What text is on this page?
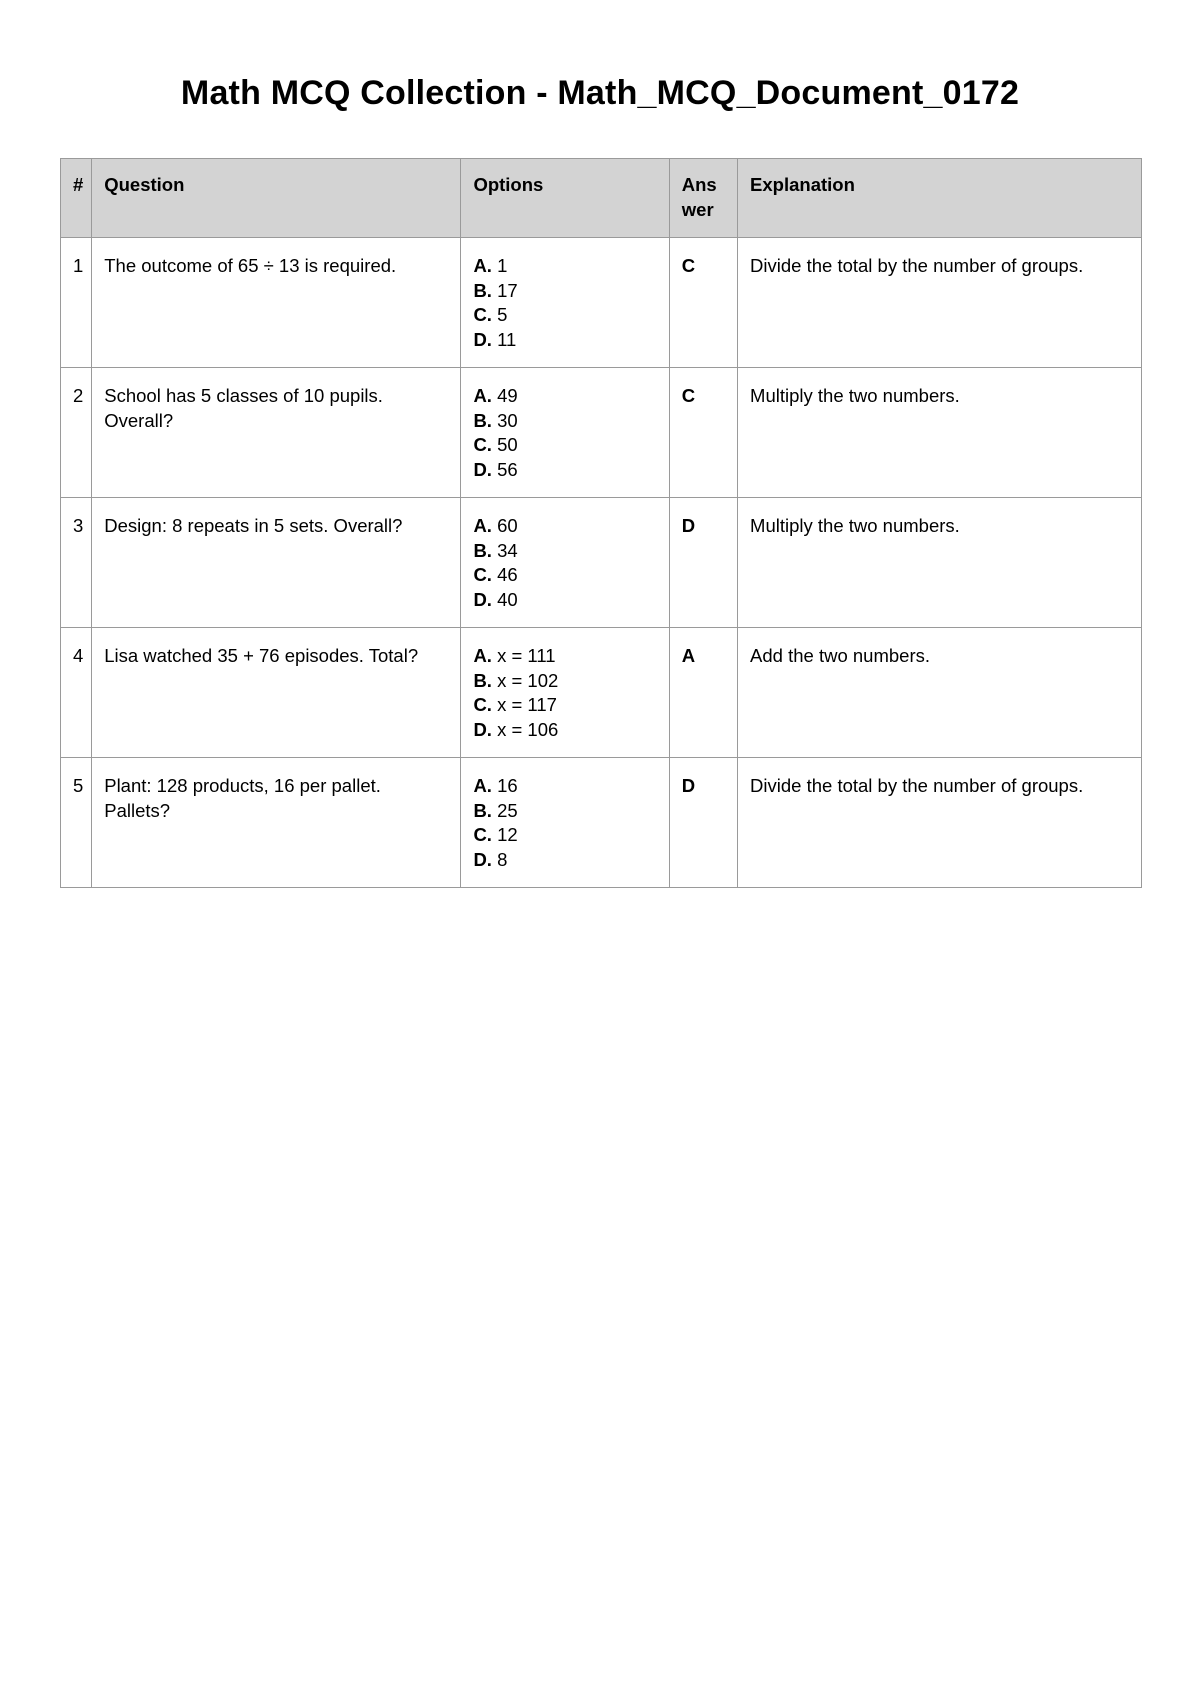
Math MCQ Collection - Math_MCQ_Document_0172
#	Question	Options	Answer	Explanation
1	The outcome of 65 ÷ 13 is required.	A. 1
B. 17
C. 5
D. 11	C	Divide the total by the number of groups.
2	School has 5 classes of 10 pupils. Overall?	A. 49
B. 30
C. 50
D. 56	C	Multiply the two numbers.
3	Design: 8 repeats in 5 sets. Overall?	A. 60
B. 34
C. 46
D. 40	D	Multiply the two numbers.
4	Lisa watched 35 + 76 episodes. Total?	A. x = 111
B. x = 102
C. x = 117
D. x = 106	A	Add the two numbers.
5	Plant: 128 products, 16 per pallet. Pallets?	A. 16
B. 25
C. 12
D. 8	D	Divide the total by the number of groups.
